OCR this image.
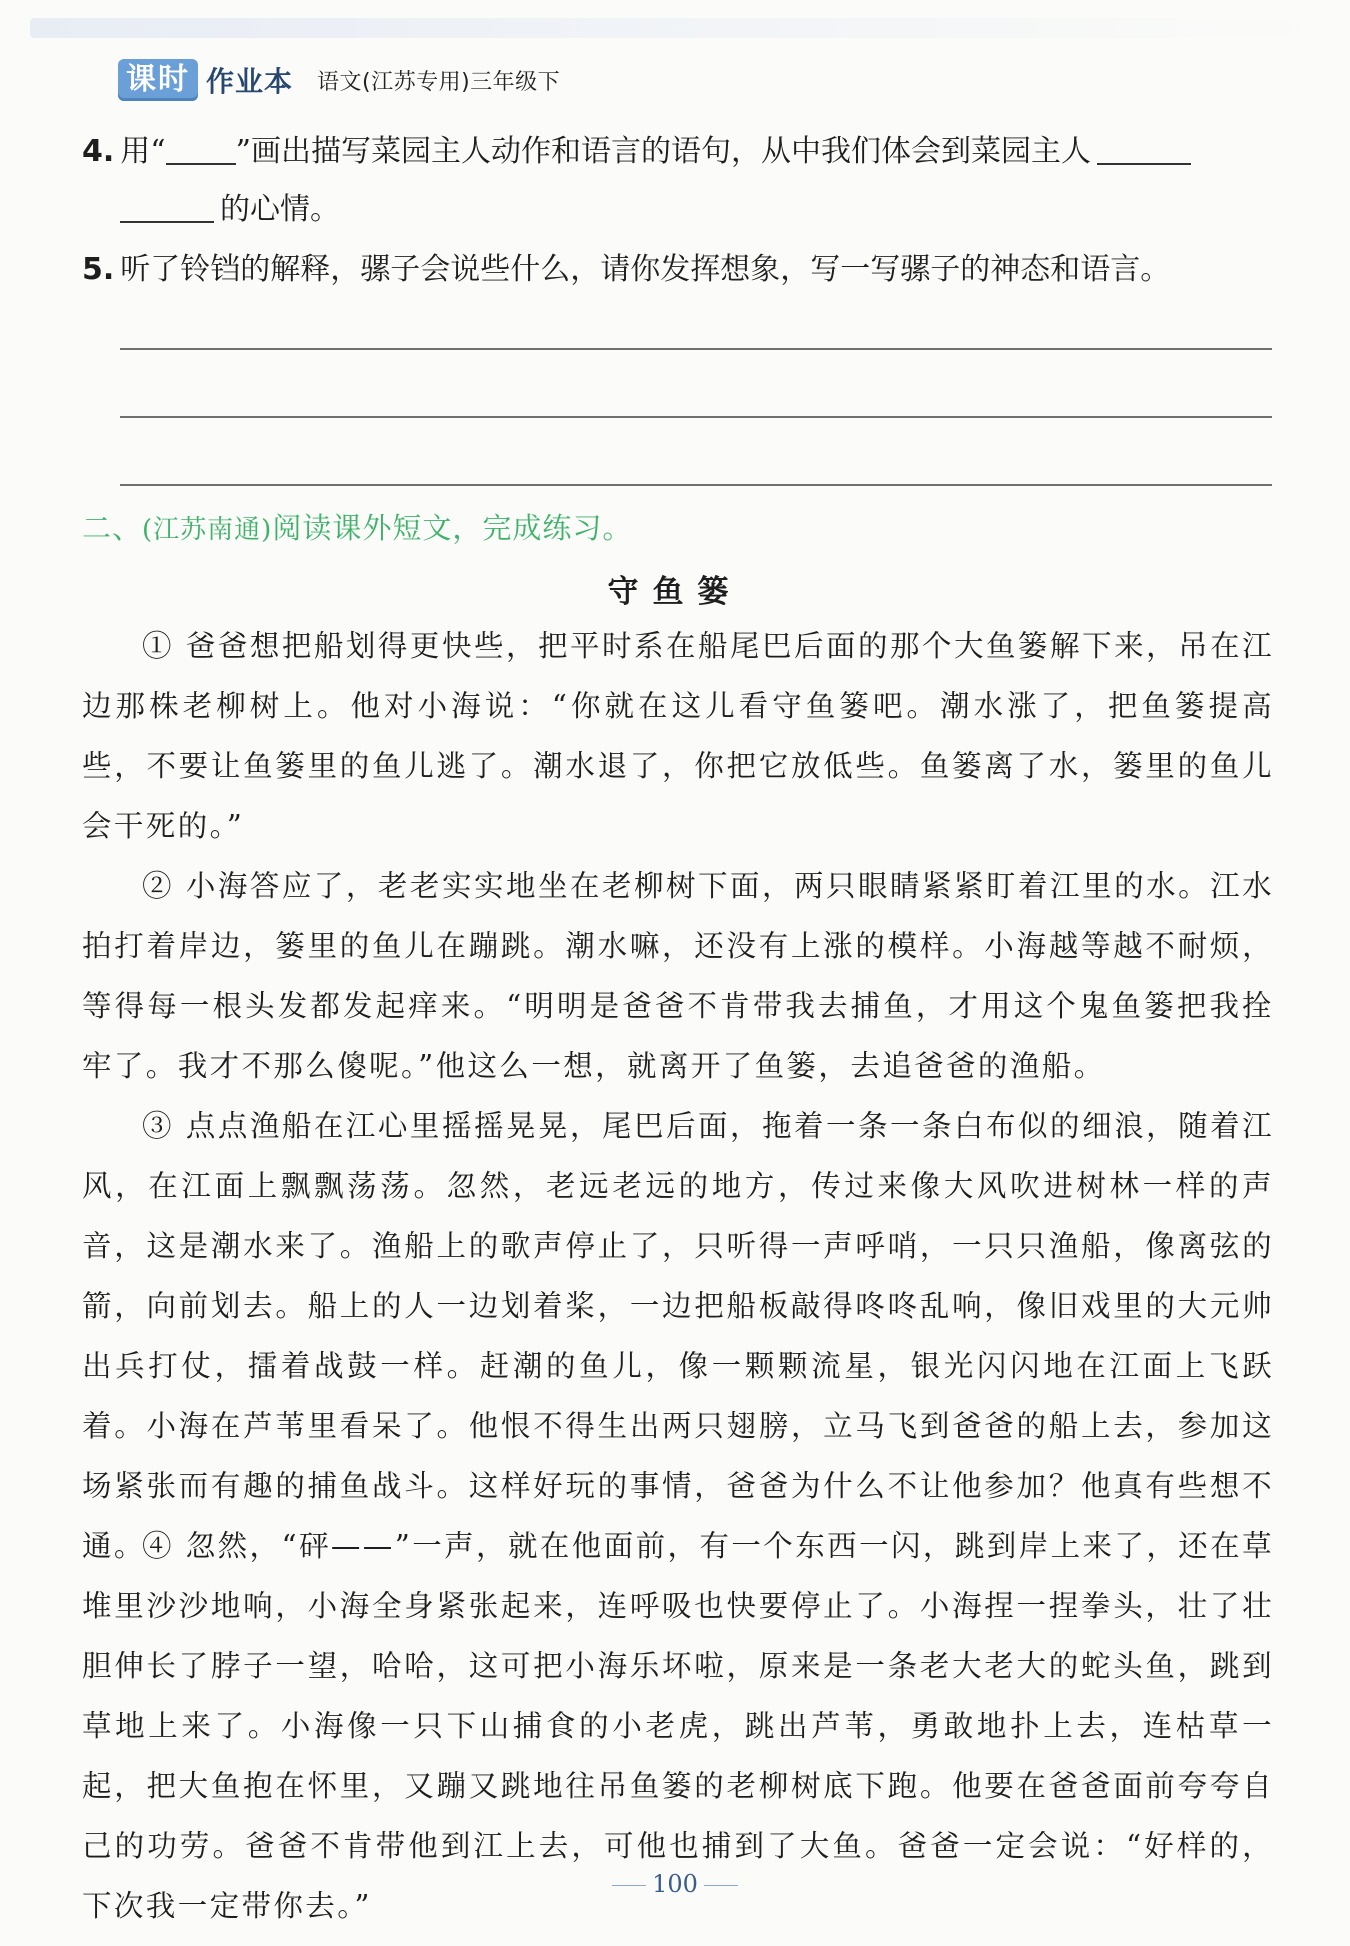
课时 作业本 语文(江苏专用)三年级下
4. 用“ ”画出描写菜园主人动作和语言的语句，从中我们体会到菜园主人
的心情。
5. 听了铃铛的解释，骡子会说些什么，请你发挥想象，写一写骡子的神态和语言。
二、(江苏南通)阅读课外短文，完成练习。
守鱼篓
① 爸爸想把船划得更快些，把平时系在船尾巴后面的那个大鱼篓解下来，吊在江边那株老柳树上。他对小海说：“你就在这儿看守鱼篓吧。潮水涨了，把鱼篓提高些，不要让鱼篓里的鱼儿逃了。潮水退了，你把它放低些。鱼篓离了水，篓里的鱼儿会干死的。”
② 小海答应了，老老实实地坐在老柳树下面，两只眼睛紧紧盯着江里的水。江水拍打着岸边，篓里的鱼儿在蹦跳。潮水嘛，还没有上涨的模样。小海越等越不耐烦，等得每一根头发都发起痒来。“明明是爸爸不肯带我去捕鱼，才用这个鬼鱼篓把我拴牢了。我才不那么傻呢。”他这么一想，就离开了鱼篓，去追爸爸的渔船。
③ 点点渔船在江心里摇摇晃晃，尾巴后面，拖着一条一条白布似的细浪，随着江风，在江面上飘飘荡荡。忽然，老远老远的地方，传过来像大风吹进树林一样的声音，这是潮水来了。渔船上的歌声停止了，只听得一声呼哨，一只只渔船，像离弦的箭，向前划去。船上的人一边划着桨，一边把船板敲得咚咚乱响，像旧戏里的大元帅出兵打仗，擂着战鼓一样。赶潮的鱼儿，像一颗颗流星，银光闪闪地在江面上飞跃着。小海在芦苇里看呆了。他恨不得生出两只翅膀，立马飞到爸爸的船上去，参加这场紧张而有趣的捕鱼战斗。这样好玩的事情，爸爸为什么不让他参加？他真有些想不通。
④ 忽然，“砰——”一声，就在他面前，有一个东西一闪，跳到岸上来了，还在草堆里沙沙地响，小海全身紧张起来，连呼吸也快要停止了。小海捏一捏拳头，壮了壮胆伸长了脖子一望，哈哈，这可把小海乐坏啦，原来是一条老大老大的蛇头鱼，跳到草地上来了。小海像一只下山捕食的小老虎，跳出芦苇，勇敢地扑上去，连枯草一起，把大鱼抱在怀里，又蹦又跳地往吊鱼篓的老柳树底下跑。他要在爸爸面前夸夸自己的功劳。爸爸不肯带他到江上去，可他也捕到了大鱼。爸爸一定会说：“好样的，下次我一定带你去。”
100
